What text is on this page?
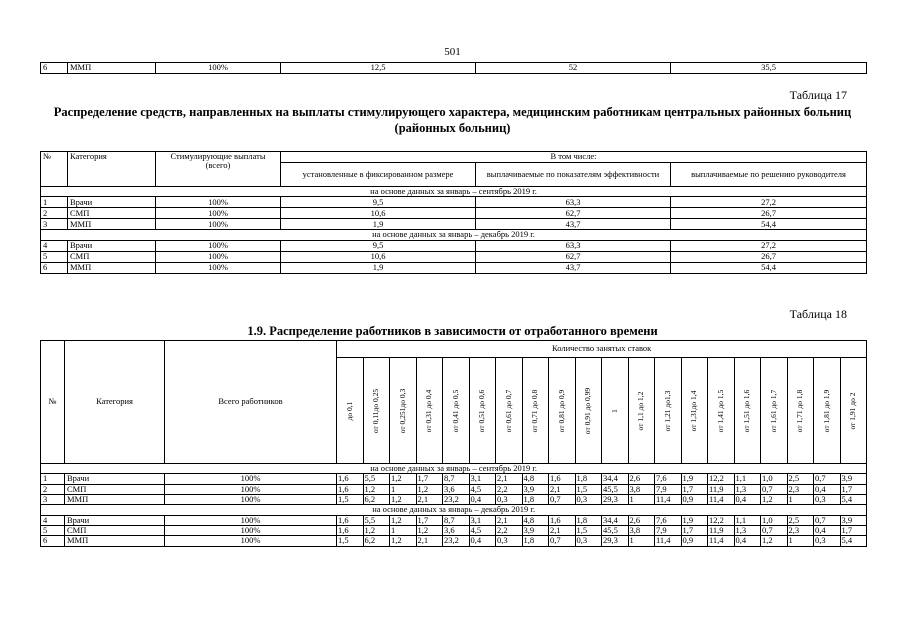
501
6	ММП	100%	12,5	52	35,5
Таблица 17
Распределение средств, направленных на выплаты стимулирующего характера, медицинским работникам центральных районных больниц (районных больниц)
№	Категория	Стимулирующие выплаты (всего)	В том числе:		
			установленные в фиксированном размере	выплачиваемые по показателям эффективности	выплачиваемые по решению руководителя
на основе данных за январь – сентябрь 2019 г.					
1	Врачи	100%	9,5	63,3	27,2
2	СМП	100%	10,6	62,7	26,7
3	ММП	100%	1,9	43,7	54,4
на основе данных за январь – декабрь 2019 г.					
4	Врачи	100%	9,5	63,3	27,2
5	СМП	100%	10,6	62,7	26,7
6	ММП	100%	1,9	43,7	54,4
Таблица 18
1.9. Распределение работников в зависимости от отработанного времени
№	Категория	Всего работников	Количество занятых ставок																			

			до 0,1	от 0,11до 0,25	от 0,251до 0,3	от 0,31 до 0,4	от 0,41 до 0,5	от 0,51 до 0,6	от 0,61 до 0,7	от 0,71 до 0,8	от 0,81 до 0,9	от 0,91 до 0,99	1	от 1,1 до 1,2	от 1,21 до1,3	от 1,31до 1,4	от 1,41 до 1,5	от 1,51 до 1,6	от 1,61 до 1,7	от 1,71 до 1,8	от 1,81 до 1,9	от 1,91 до 2

на основе данных за январь – сентябрь 2019 г.																						
1	Врачи	100%	1,6	5,5	1,2	1,7	8,7	3,1	2,1	4,8	1,6	1,8	34,4	2,6	7,6	1,9	12,2	1,1	1,0	2,5	0,7	3,9
2	СМП	100%	1,6	1,2	1	1,2	3,6	4,5	2,2	3,9	2,1	1,5	45,5	3,8	7,9	1,7	11,9	1,3	0,7	2,3	0,4	1,7
3	ММП	100%	1,5	6,2	1,2	2,1	23,2	0,4	0,3	1,8	0,7	0,3	29,3	1	11,4	0,9	11,4	0,4	1,2	1	0,3	5,4
на основе данных за январь – декабрь 2019 г.																						
4	Врачи	100%	1,6	5,5	1,2	1,7	8,7	3,1	2,1	4,8	1,6	1,8	34,4	2,6	7,6	1,9	12,2	1,1	1,0	2,5	0,7	3,9
5	СМП	100%	1,6	1,2	1	1,2	3,6	4,5	2,2	3,9	2,1	1,5	45,5	3,8	7,9	1,7	11,9	1,3	0,7	2,3	0,4	1,7
6	ММП	100%	1,5	6,2	1,2	2,1	23,2	0,4	0,3	1,8	0,7	0,3	29,3	1	11,4	0,9	11,4	0,4	1,2	1	0,3	5,4
